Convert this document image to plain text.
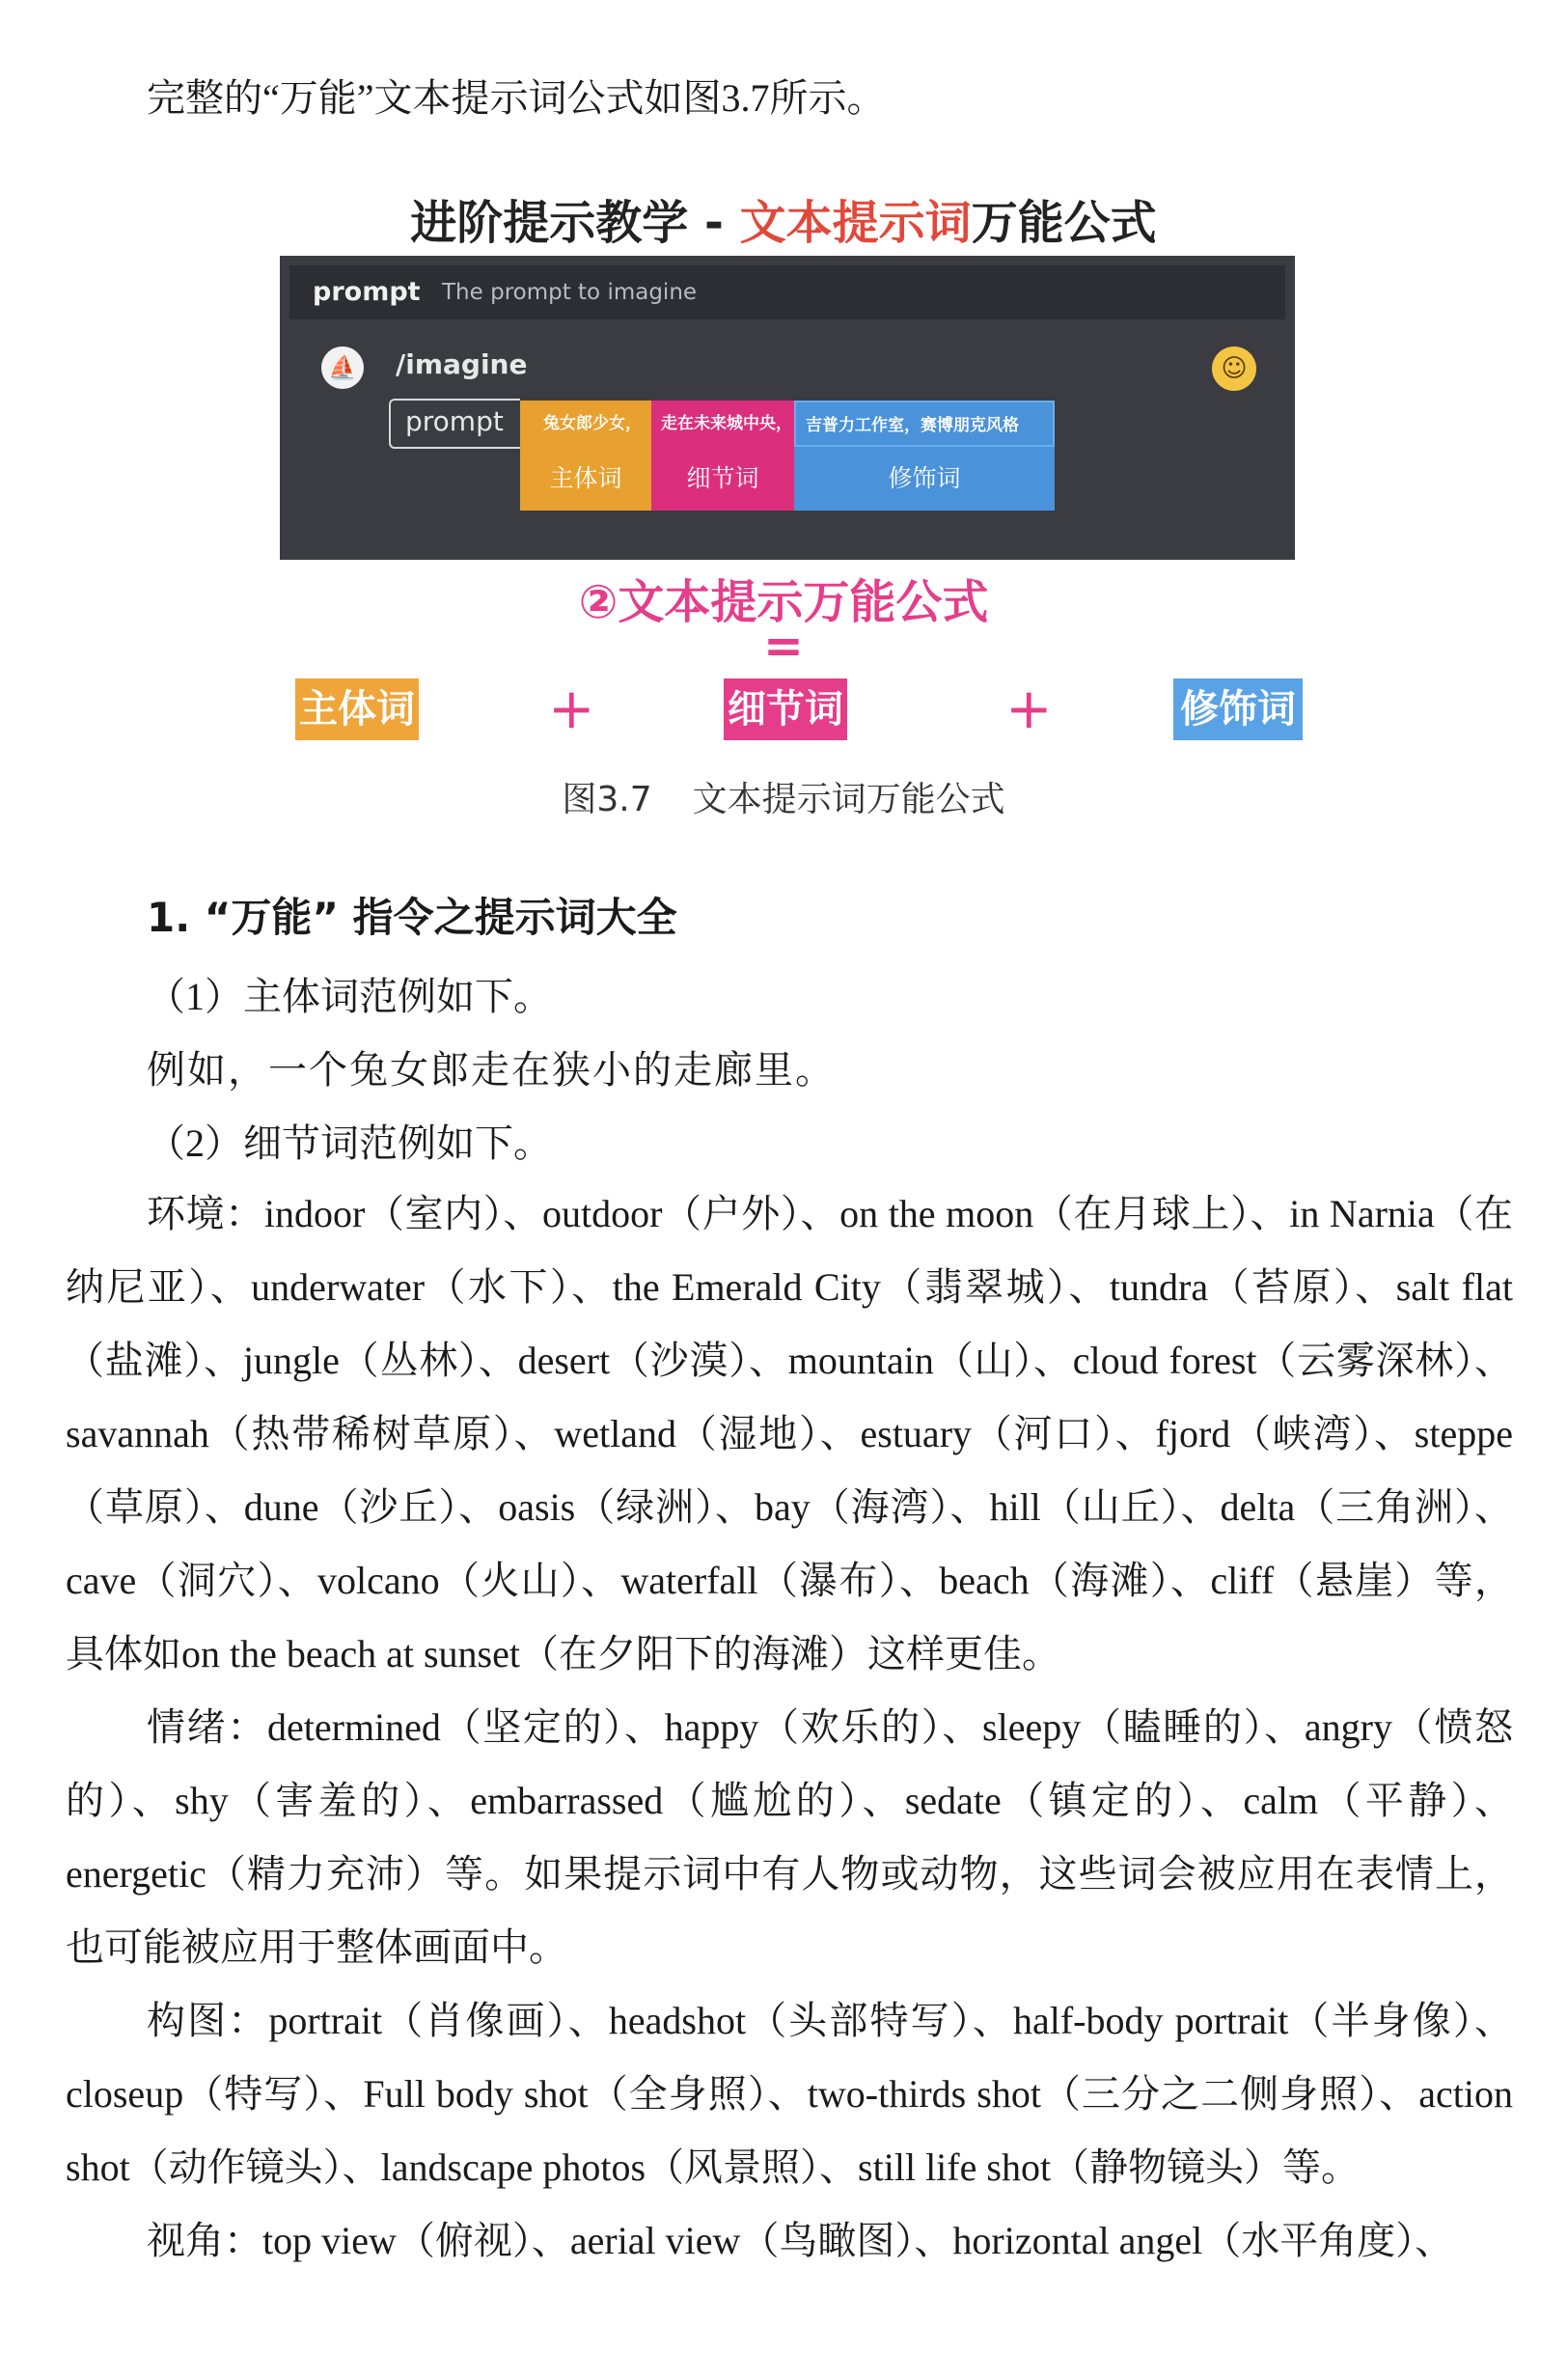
完整的“万能”文本提示词公式如图3.7所示。

进阶提示教学 - 文本提示词万能公式
prompt The prompt to imagine
⛵ /imagine	☺
prompt	兔女郎少女，	走在未来城中央， 吉普力工作室，赛博朋克风格
主体词	细节词	修饰词
②文本提示万能公式
=
主体词 +	细节词	+	修饰词
图3.7 文本提示词万能公式
1. “万能” 指令之提示词大全

（1）主体词范例如下。

例如，一个兔女郎走在狭小的走廊里。

（2）细节词范例如下。

环境：indoor（室内）、outdoor（户外）、on the moon（在月球上）、in Narnia（在纳尼亚）、underwater（水下）、the Emerald City（翡翠城）、tundra（苔原）、salt flat（盐滩）、jungle（丛林）、desert（沙漠）、mountain（山）、cloud forest（云雾深林）、savannah（热带稀树草原）、wetland（湿地）、estuary（河口）、fjord（峡湾）、steppe（草原）、dune（沙丘）、oasis（绿洲）、bay（海湾）、hill（山丘）、delta（三角洲）、cave（洞穴）、volcano（火山）、waterfall（瀑布）、beach（海滩）、cliff（悬崖）等，具体如on the beach at sunset（在夕阳下的海滩）这样更佳。

情绪：determined（坚定的）、happy（欢乐的）、sleepy（瞌睡的）、angry（愤怒的）、shy（害羞的）、embarrassed（尴尬的）、sedate（镇定的）、calm（平静）、energetic（精力充沛）等。如果提示词中有人物或动物，这些词会被应用在表情上，也可能被应用于整体画面中。

构图：portrait（肖像画）、headshot（头部特写）、half-body portrait（半身像）、closeup（特写）、Full body shot（全身照）、two-thirds shot（三分之二侧身照）、action shot（动作镜头）、landscape photos（风景照）、still life shot（静物镜头）等。

视角：top view（俯视）、aerial view（鸟瞰图）、horizontal angel（水平角度）、
